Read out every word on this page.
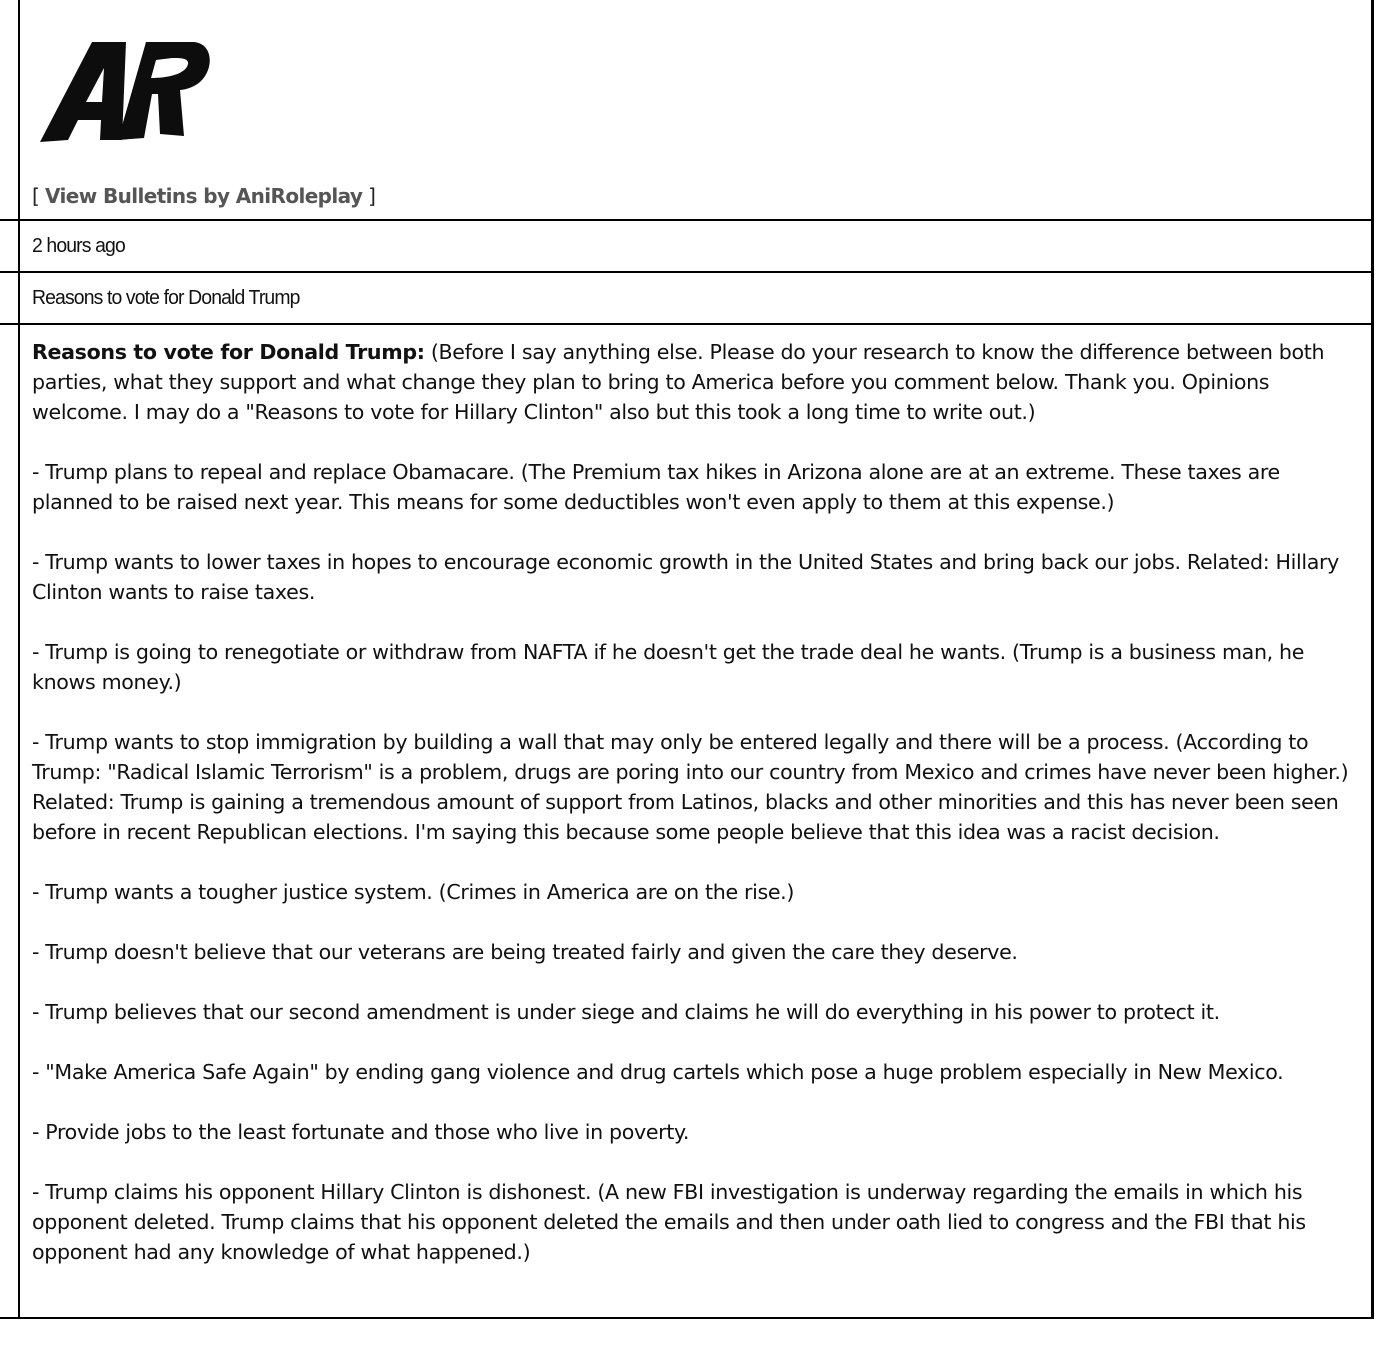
	[ View Bulletins by AniRoleplay ]

	2 hours ago
	Reasons to vote for Donald Trump

Reasons to vote for Donald Trump: (Before I say anything else. Please do your research to know the difference between both parties, what they support and what change they plan to bring to America before you comment below. Thank you. Opinions welcome. I may do a "Reasons to vote for Hillary Clinton" also but this took a long time to write out.)

- Trump plans to repeal and replace Obamacare. (The Premium tax hikes in Arizona alone are at an extreme. These taxes are planned to be raised next year. This means for some deductibles won't even apply to them at this expense.)

- Trump wants to lower taxes in hopes to encourage economic growth in the United States and bring back our jobs. Related: Hillary Clinton wants to raise taxes.

- Trump is going to renegotiate or withdraw from NAFTA if he doesn't get the trade deal he wants. (Trump is a business man, he knows money.)

- Trump wants to stop immigration by building a wall that may only be entered legally and there will be a process. (According to Trump: "Radical Islamic Terrorism" is a problem, drugs are poring into our country from Mexico and crimes have never been higher.) Related: Trump is gaining a tremendous amount of support from Latinos, blacks and other minorities and this has never been seen before in recent Republican elections. I'm saying this because some people believe that this idea was a racist decision.

- Trump wants a tougher justice system. (Crimes in America are on the rise.)

- Trump doesn't believe that our veterans are being treated fairly and given the care they deserve.

- Trump believes that our second amendment is under siege and claims he will do everything in his power to protect it.

- "Make America Safe Again" by ending gang violence and drug cartels which pose a huge problem especially in New Mexico.

- Provide jobs to the least fortunate and those who live in poverty.

- Trump claims his opponent Hillary Clinton is dishonest. (A new FBI investigation is underway regarding the emails in which his opponent deleted. Trump claims that his opponent deleted the emails and then under oath lied to congress and the FBI that his opponent had any knowledge of what happened.)
